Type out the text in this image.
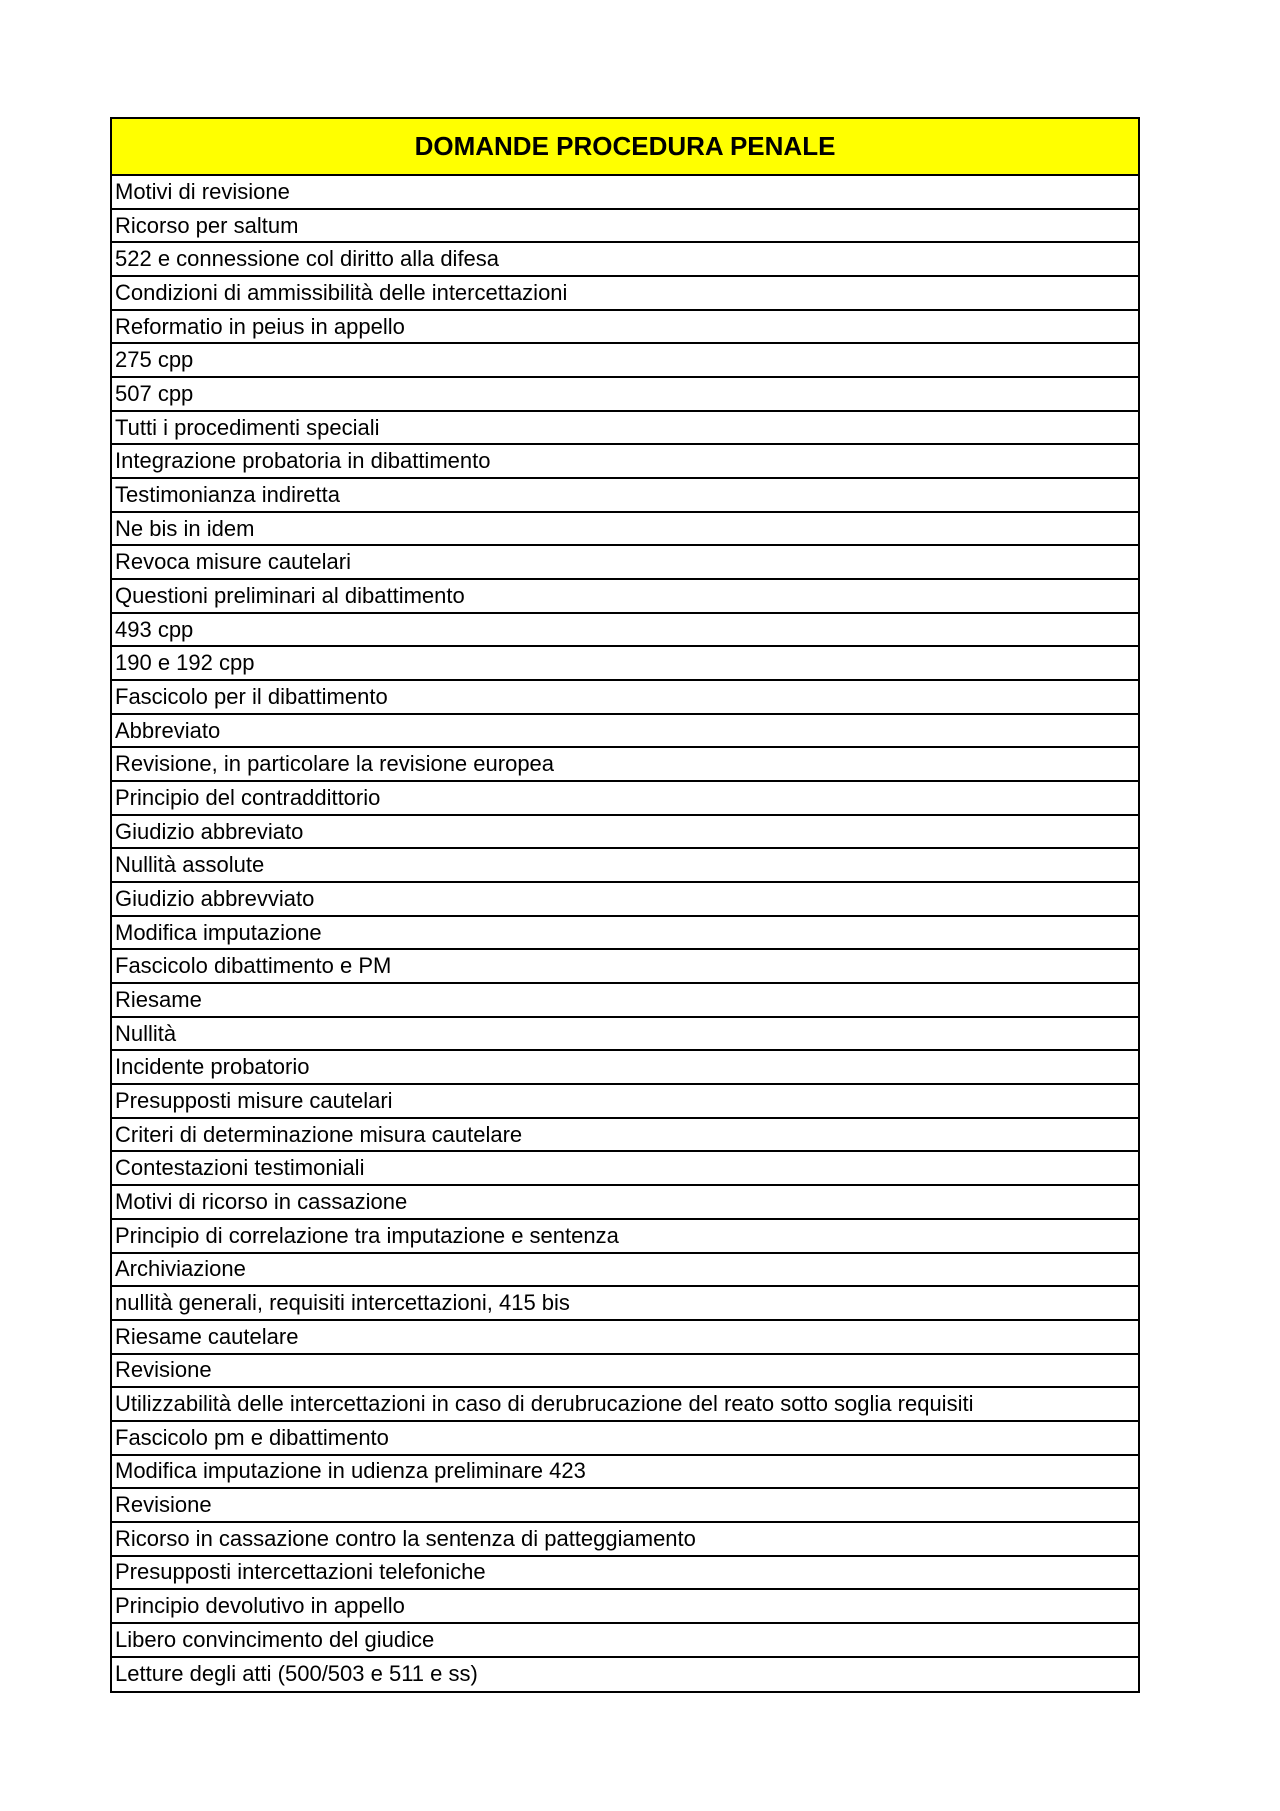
DOMANDE PROCEDURA PENALE
Motivi di revisione
Ricorso per saltum
522 e connessione col diritto alla difesa
Condizioni di ammissibilità delle intercettazioni
Reformatio in peius in appello
275 cpp
507 cpp
Tutti i procedimenti speciali
Integrazione probatoria in dibattimento
Testimonianza indiretta
Ne bis in idem
Revoca misure cautelari
Questioni preliminari al dibattimento
493 cpp
190 e 192 cpp
Fascicolo per il dibattimento
Abbreviato
Revisione, in particolare la revisione europea
Principio del contraddittorio
Giudizio abbreviato
Nullità assolute
Giudizio abbrevviato
Modifica imputazione
Fascicolo dibattimento e PM
Riesame
Nullità
Incidente probatorio
Presupposti misure cautelari
Criteri di determinazione misura cautelare
Contestazioni testimoniali
Motivi di ricorso in cassazione
Principio di correlazione tra imputazione e sentenza
Archiviazione
nullità generali, requisiti intercettazioni, 415 bis
Riesame cautelare
Revisione
Utilizzabilità delle intercettazioni in caso di derubrucazione del reato sotto soglia requisiti
Fascicolo pm e dibattimento
Modifica imputazione in udienza preliminare 423
Revisione
Ricorso in cassazione contro la sentenza di patteggiamento
Presupposti intercettazioni telefoniche
Principio devolutivo in appello
Libero convincimento del giudice
Letture degli atti (500/503 e 511 e ss)
